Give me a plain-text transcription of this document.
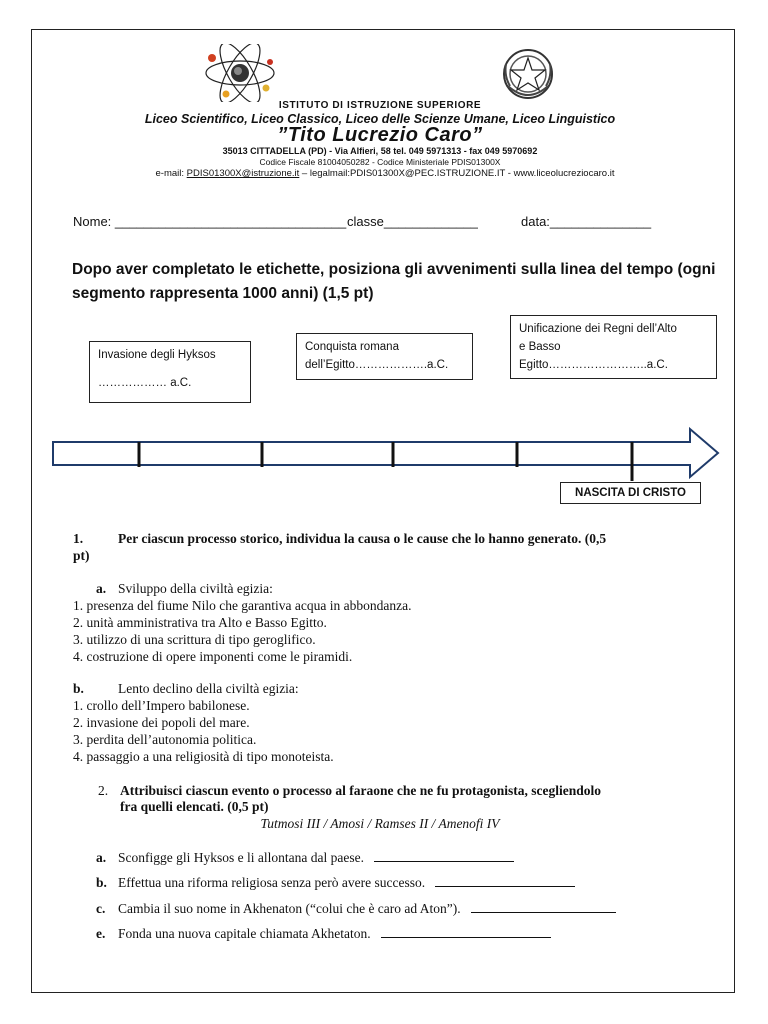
ISTITUTO DI ISTRUZIONE SUPERIORE
Liceo Scientifico, Liceo Classico, Liceo delle Scienze Umane, Liceo Linguistico
”Tito Lucrezio Caro”
35013 CITTADELLA (PD) - Via Alfieri, 58 tel. 049 5971313 - fax 049 5970692
Codice Fiscale 81004050282 - Codice Ministeriale PDIS01300X
e-mail: PDIS01300X@istruzione.it – legalmail:PDIS01300X@PEC.ISTRUZIONE.IT - www.liceolucreziocaro.it
Nome: ________________________________ classe_____________	data:______________
Dopo aver completato le etichette, posiziona gli avvenimenti sulla linea del tempo (ogni segmento rappresenta 1000 anni) (1,5 pt)
Invasione degli Hyksos
……………… a.C.
Conquista romana
dell’Egitto……………….a.C.
Unificazione dei Regni dell’Alto
e Basso Egitto……………………..a.C.
NASCITA DI CRISTO
1.	Per ciascun processo storico, individua la causa o le cause che lo hanno generato. (0,5
pt)
a. Sviluppo della civiltà egizia:
1. presenza del fiume Nilo che garantiva acqua in abbondanza.
2. unità amministrativa tra Alto e Basso Egitto.
3. utilizzo di una scrittura di tipo geroglifico.
4. costruzione di opere imponenti come le piramidi.
b.	Lento declino della civiltà egizia:
1. crollo dell’Impero babilonese.
2. invasione dei popoli del mare.
3. perdita dell’autonomia politica.
4. passaggio a una religiosità di tipo monoteista.
2. Attribuisci ciascun evento o processo al faraone che ne fu protagonista, scegliendolo
fra quelli elencati. (0,5 pt)
Tutmosi III / Amosi / Ramses II / Amenofi IV
a. Sconfigge gli Hyksos e li allontana dal paese.
b. Effettua una riforma religiosa senza però avere successo.
c. Cambia il suo nome in Akhenaton (“colui che è caro ad Aton”).
e. Fonda una nuova capitale chiamata Akhetaton.
